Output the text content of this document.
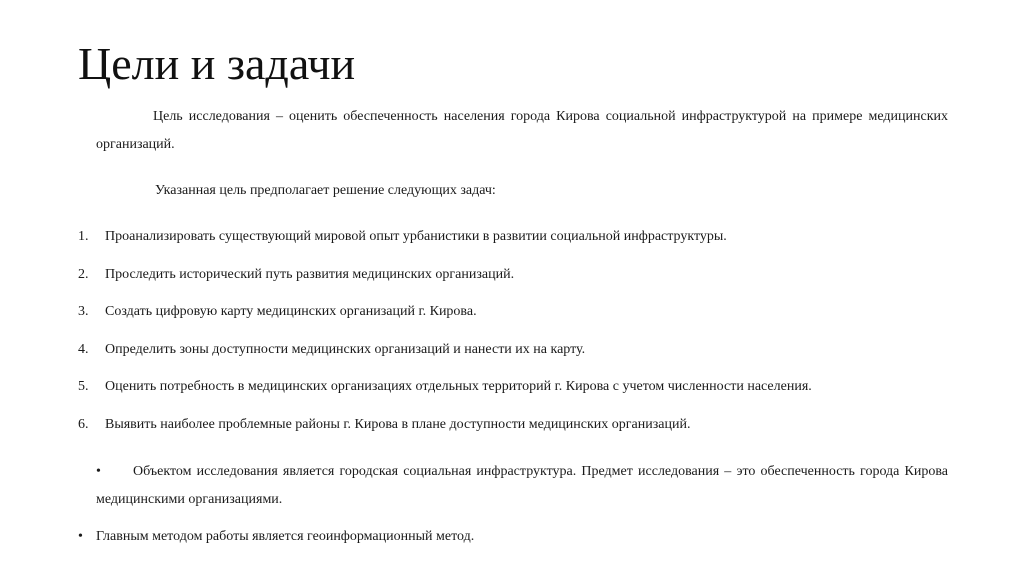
Цели и задачи
Цель исследования – оценить обеспеченность населения города Кирова социальной инфраструктурой на примере медицинских организаций.
Указанная цель предполагает решение следующих задач:
1. Проанализировать существующий мировой опыт урбанистики в развитии социальной инфраструктуры.
2. Проследить исторический путь развития медицинских организаций.
3. Создать цифровую карту медицинских организаций г. Кирова.
4. Определить зоны доступности медицинских организаций и нанести их на карту.
5. Оценить потребность в медицинских организациях отдельных территорий г. Кирова с учетом численности населения.
6. Выявить наиболее проблемные районы г. Кирова в плане доступности медицинских организаций.
• Объектом исследования является городская социальная инфраструктура. Предмет исследования – это обеспеченность города Кирова медицинскими организациями.
• Главным методом работы является геоинформационный метод.
